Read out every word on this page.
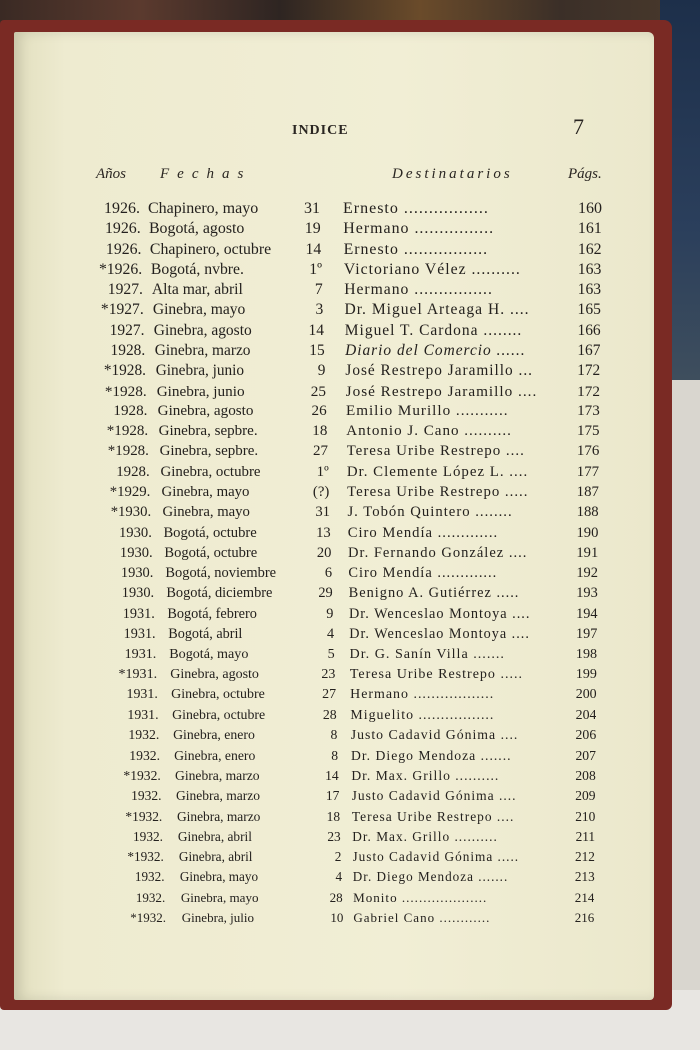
INDICE	7
Años Fechas	Destinatarios	Págs.
1926. Chapinero, mayo	31 Ernesto .................	160
1926. Bogotá, agosto	19 Hermano ................	161
1926. Chapinero, octubre	14 Ernesto .................	162
*1926. Bogotá, nvbre.	1º Victoriano Vélez ..........	163
1927. Alta mar, abril	7 Hermano ................	163
*1927. Ginebra, mayo	3 Dr. Miguel Arteaga H. ....	165
1927. Ginebra, agosto	14 Miguel T. Cardona ........	166
1928. Ginebra, marzo	15 Diario del Comercio ......	167
*1928. Ginebra, junio	9 José Restrepo Jaramillo ...	172
*1928. Ginebra, junio	25 José Restrepo Jaramillo ....	172
1928. Ginebra, agosto	26 Emilio Murillo ...........	173
*1928. Ginebra, sepbre.	18 Antonio J. Cano ..........	175
*1928. Ginebra, sepbre.	27 Teresa Uribe Restrepo ....	176
1928. Ginebra, octubre	1º Dr. Clemente López L. ....	177
*1929. Ginebra, mayo	(?) Teresa Uribe Restrepo .....	187
*1930. Ginebra, mayo	31 J. Tobón Quintero ........	188
1930. Bogotá, octubre	13 Ciro Mendía .............	190
1930. Bogotá, octubre	20 Dr. Fernando González ....	191
1930. Bogotá, noviembre	6 Ciro Mendía .............	192
1930. Bogotá, diciembre	29 Benigno A. Gutiérrez .....	193
1931. Bogotá, febrero	9 Dr. Wenceslao Montoya ....	194
1931. Bogotá, abril	4 Dr. Wenceslao Montoya ....	197
1931. Bogotá, mayo	5 Dr. G. Sanín Villa .......	198
*1931. Ginebra, agosto	23 Teresa Uribe Restrepo .....	199
1931. Ginebra, octubre	27 Hermano ..................	200
1931. Ginebra, octubre	28 Miguelito .................	204
1932. Ginebra, enero	8 Justo Cadavid Gónima ....	206
1932. Ginebra, enero	8 Dr. Diego Mendoza .......	207
*1932. Ginebra, marzo	14 Dr. Max. Grillo ..........	208
1932. Ginebra, marzo	17 Justo Cadavid Gónima ....	209
*1932. Ginebra, marzo	18 Teresa Uribe Restrepo ....	210
1932. Ginebra, abril	23 Dr. Max. Grillo ..........	211
*1932. Ginebra, abril	2 Justo Cadavid Gónima .....	212
1932. Ginebra, mayo	4 Dr. Diego Mendoza .......	213
1932. Ginebra, mayo	28 Monito ....................	214
*1932. Ginebra, julio	10 Gabriel Cano ............	216
